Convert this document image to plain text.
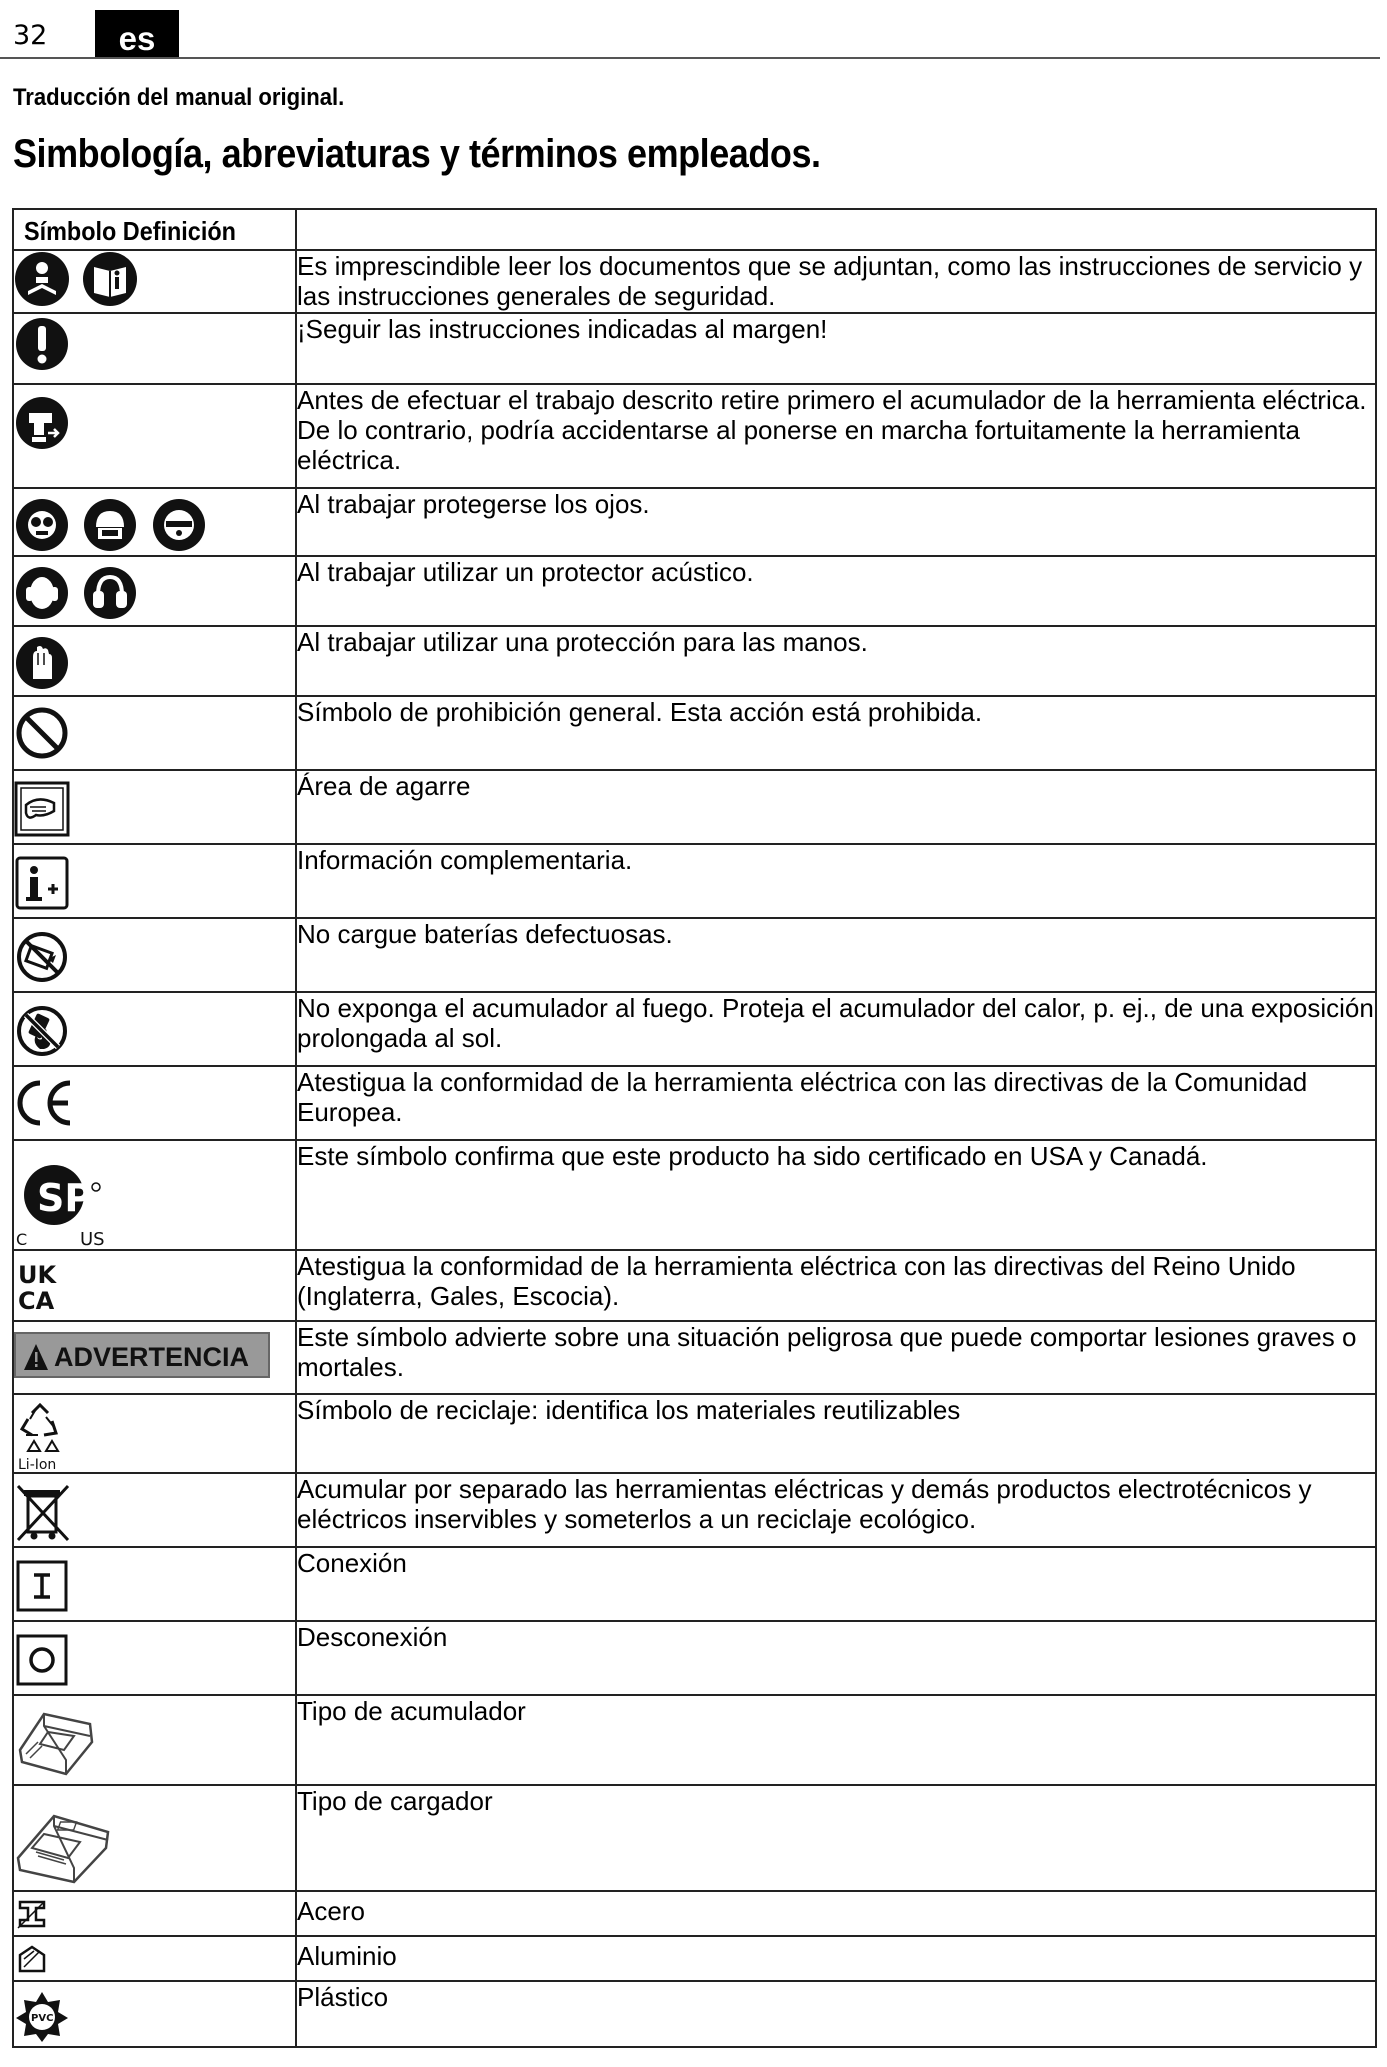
32	es
Traducción del manual original.
Simbología, abreviaturas y términos empleados.
Símbolo Definición	

	Es imprescindible leer los documentos que se adjuntan, como las instrucciones de servicio y las instrucciones generales de seguridad.

	¡Seguir las instrucciones indicadas al margen!

	Antes de efectuar el trabajo descrito retire primero el acumulador de la herramienta eléctrica. De lo contrario, podría accidentarse al ponerse en marcha fortuitamente la herramienta eléctrica.

	Al trabajar protegerse los ojos.

	Al trabajar utilizar un protector acústico.

	Al trabajar utilizar una protección para las manos.

	Símbolo de prohibición general. Esta acción está prohibida.

	Área de agarre

	Información complementaria.

	No cargue baterías defectuosas.

	No exponga el acumulador al fuego. Proteja el acumulador del calor, p. ej., de una exposición prolongada al sol.

	Atestigua la conformidad de la herramienta eléctrica con las directivas de la Comunidad Europea.

SP
C US	Este símbolo confirma que este producto ha sido certificado en USA y Canadá.

UK
CA	Atestigua la conformidad de la herramienta eléctrica con las directivas del Reino Unido (Inglaterra, Gales, Escocia).

ADVERTENCIA	Este símbolo advierte sobre una situación peligrosa que puede comportar lesiones graves o mortales.

Li-Ion	Símbolo de reciclaje: identifica los materiales reutilizables

	Acumular por separado las herramientas eléctricas y demás productos electrotécnicos y eléctricos inservibles y someterlos a un reciclaje ecológico.

	Conexión

	Desconexión

	Tipo de acumulador

	Tipo de cargador

	Acero

	Aluminio

PVC	Plástico
